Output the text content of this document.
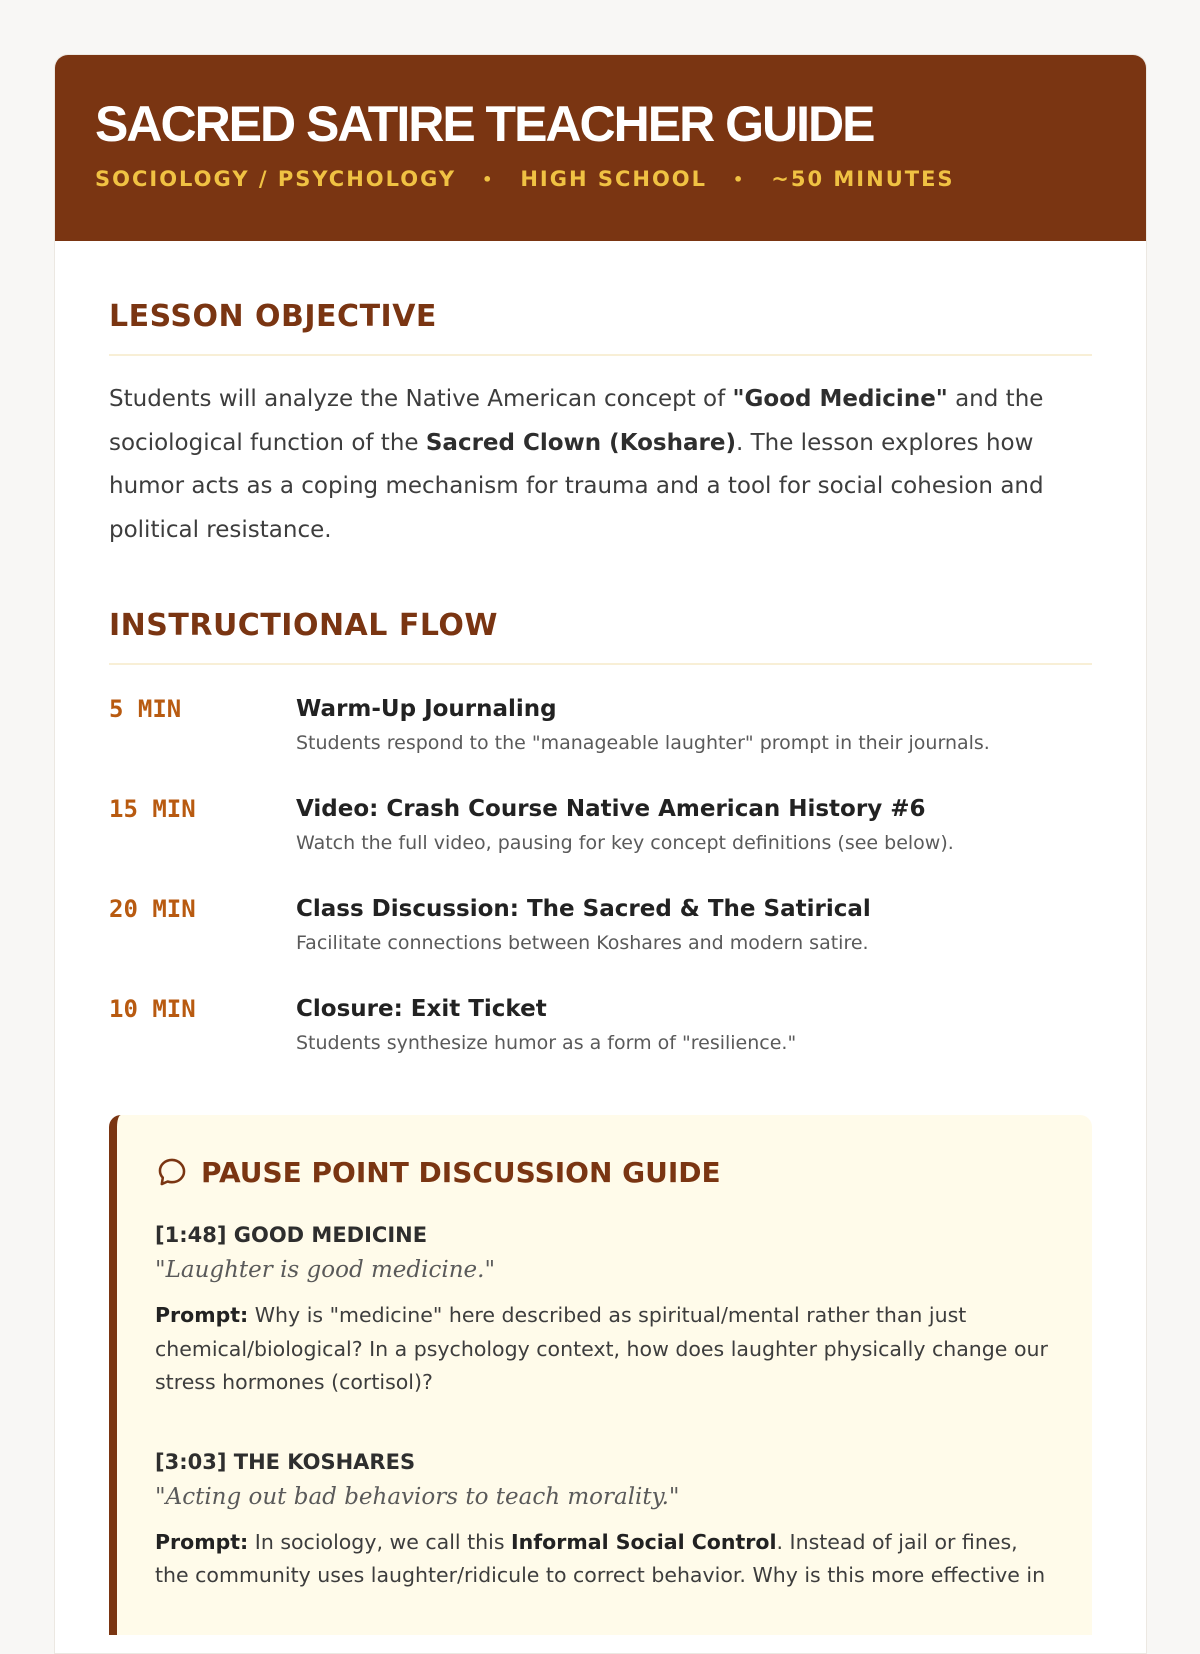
SACRED SATIRE TEACHER GUIDE
SOCIOLOGY / PSYCHOLOGY • HIGH SCHOOL • ~50 MINUTES
LESSON OBJECTIVE

Students will analyze the Native American concept of "Good Medicine" and the sociological function of the Sacred Clown (Koshare). The lesson explores how humor acts as a coping mechanism for trauma and a tool for social cohesion and political resistance.

INSTRUCTIONAL FLOW
5 MIN	Warm-Up Journaling
Students respond to the "manageable laughter" prompt in their journals.
15 MIN	Video: Crash Course Native American History #6
Watch the full video, pausing for key concept definitions (see below).
20 MIN	Class Discussion: The Sacred & The Satirical
Facilitate connections between Koshares and modern satire.
10 MIN	Closure: Exit Ticket
Students synthesize humor as a form of "resilience."
PAUSE POINT DISCUSSION GUIDE
[1:48] GOOD MEDICINE
"Laughter is good medicine."

Prompt: Why is "medicine" here described as spiritual/mental rather than just chemical/biological? In a psychology context, how does laughter physically change our stress hormones (cortisol)?

[3:03] THE KOSHARES
"Acting out bad behaviors to teach morality."

Prompt: In sociology, we call this Informal Social Control. Instead of jail or fines, the community uses laughter/ridicule to correct behavior. Why is this more effective in
